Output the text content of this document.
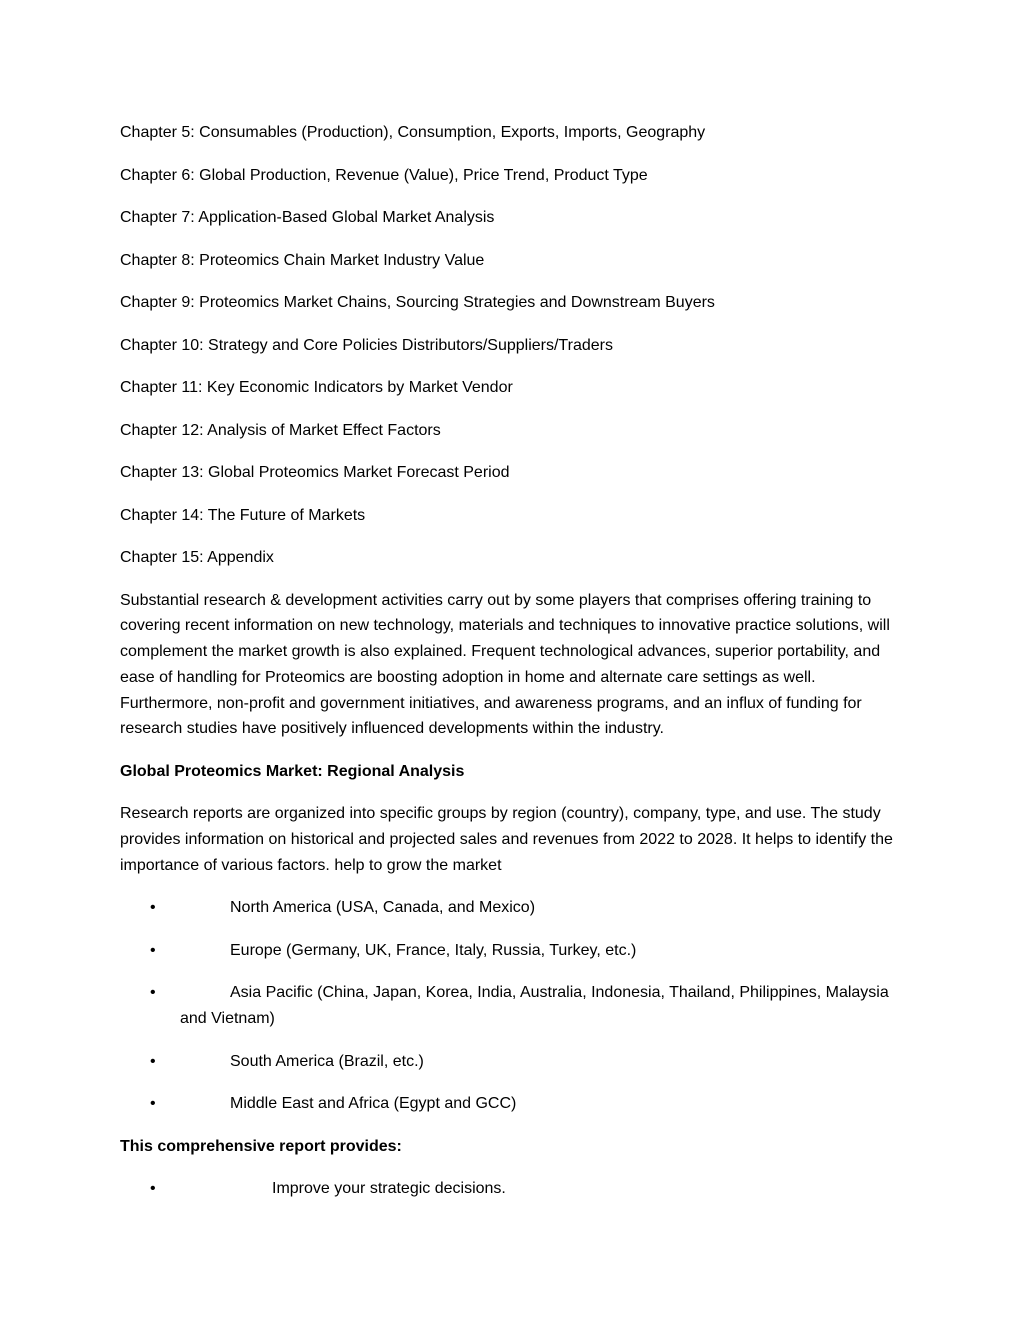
Chapter 5: Consumables (Production), Consumption, Exports, Imports, Geography

Chapter 6: Global Production, Revenue (Value), Price Trend, Product Type

Chapter 7: Application-Based Global Market Analysis

Chapter 8: Proteomics Chain Market Industry Value

Chapter 9: Proteomics Market Chains, Sourcing Strategies and Downstream Buyers

Chapter 10: Strategy and Core Policies Distributors/Suppliers/Traders

Chapter 11: Key Economic Indicators by Market Vendor

Chapter 12: Analysis of Market Effect Factors

Chapter 13: Global Proteomics Market Forecast Period

Chapter 14: The Future of Markets

Chapter 15: Appendix

Substantial research & development activities carry out by some players that comprises offering training to covering recent information on new technology, materials and techniques to innovative practice solutions, will complement the market growth is also explained. Frequent technological advances, superior portability, and ease of handling for Proteomics are boosting adoption in home and alternate care settings as well. Furthermore, non-profit and government initiatives, and awareness programs, and an influx of funding for research studies have positively influenced developments within the industry.

Global Proteomics Market: Regional Analysis

Research reports are organized into specific groups by region (country), company, type, and use. The study provides information on historical and projected sales and revenues from 2022 to 2028. It helps to identify the importance of various factors. help to grow the market

•	North America (USA, Canada, and Mexico)
•	Europe (Germany, UK, France, Italy, Russia, Turkey, etc.)
•	Asia Pacific (China, Japan, Korea, India, Australia, Indonesia, Thailand, Philippines, Malaysia and Vietnam)
•	South America (Brazil, etc.)
•	Middle East and Africa (Egypt and GCC)

This comprehensive report provides:

•	Improve your strategic decisions.
